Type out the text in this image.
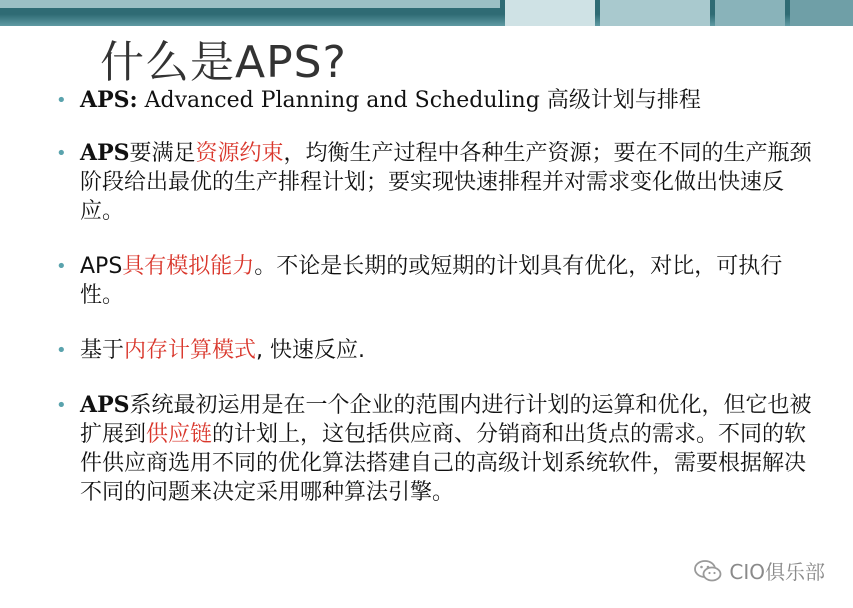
什么是APS?
• APS: Advanced Planning and Scheduling 高级计划与排程
• APS要满足资源约束，均衡生产过程中各种生产资源；要在不同的生产瓶颈阶段给出最优的生产排程计划；要实现快速排程并对需求变化做出快速反应。
• APS具有模拟能力。不论是长期的或短期的计划具有优化，对比，可执行性。
• 基于内存计算模式, 快速反应.
• APS系统最初运用是在一个企业的范围内进行计划的运算和优化，但它也被扩展到供应链的计划上，这包括供应商、分销商和出货点的需求。不同的软件供应商选用不同的优化算法搭建自己的高级计划系统软件，需要根据解决不同的问题来决定采用哪种算法引擎。
CIO俱乐部
